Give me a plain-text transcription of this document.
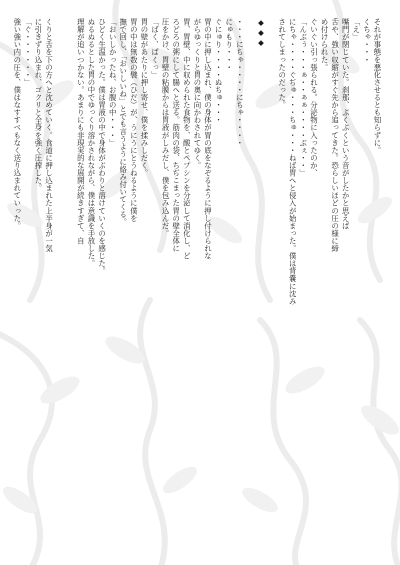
それが事態を悪化させるとも知らずに。
くちゃ・・・
「え」
嘴門が閉じていた。刹那、ぶくぶくという音がしたかと思えば
舌や、強い収縮がすぐ先から追ってきた。恐らしいほどの圧の様に締
め付けられた。
ぐいぐい引っ張られる。分泌物に入ったのか、
「んぶぅ・・・ぁ・・ぁぁ・・・・ぶぇ・・」
にちゃ・・・・ぐぢゅ・・・ちゅ・・・ねば胃へと侵入が始まった。僕は背嚢に沈み
されてしまったのだった。
◆◆◆
・・・にちゃ・・・・にちゃ・・・・
にゅもり・・・
ぐにゅり・・・・ぬちゅ・・・
胃の中に押し込まれ、僕の身体が胃の底をなぞるように押し付けられな
がらゆっくりと胃の奥に向かわされてゆく。
胃、胃壁、中に収められた食物を、酸とペプシンを分泌して消化し、ど
ろどろの粥にして腸へと送る。筋肉の袋、ちぢこまった胃の壁全体に
圧をかけ、胃壁の粘膜からは胃液がしみだし、僕を包み込んだ。
「ばく、ばくっ」
胃の壁があたりに押し寄せ、僕を揉みしだく。
胃の中は無数の襞（ひだ）が、うにうにとうねるように僕を
撫で回し、「おいしいね」とでも言うように絡み付いてくる。
「おいしかったね、お腹の中・・・」
ひどく生温かった。僕は胃液の中で身体がぶわりと溶けていくのを感じた。
ぬるぬるとした胃の中でゆっくり溶かされながら、僕は意識を手放した。
理解が追いつかない。あまりにも非現実的な展開が続きすぎて、自
くりと舌を下の方へと沈めていく。食道に押し込まれた上半身が一気
に引きずり込まれ、ゴクリと全身を強く圧搾した。
「ぐ・・・・・・」
強い強い内の圧を、僕はなすすべもなく送り込まれていった。
